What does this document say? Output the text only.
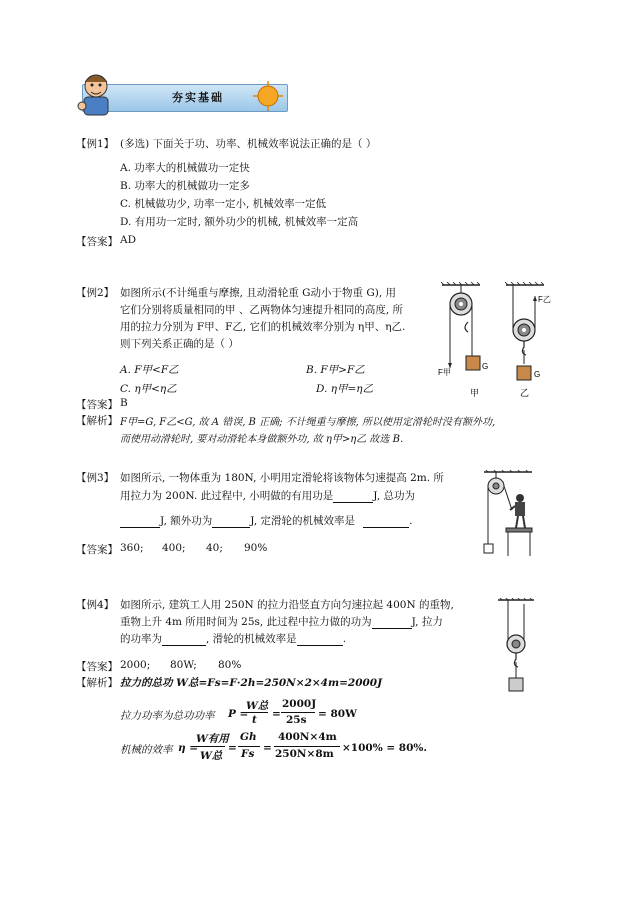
夯实基础
【例1】 (多选) 下面关于功、功率、机械效率说法正确的是（ ）
A. 功率大的机械做功一定快
B. 功率大的机械做功一定多
C. 机械做功少, 功率一定小, 机械效率一定低
D. 有用功一定时, 额外功少的机械, 机械效率一定高
【答案】 AD
【例2】 如图所示(不计绳重与摩擦, 且动滑轮重 G动小于物重 G), 用
它们分别将质量相同的甲 、乙两物体匀速提升相同的高度, 所
用的拉力分别为 F甲、F乙, 它们的机械效率分别为 η甲、η乙.
则下列关系正确的是（ ）
A. F甲<F乙	B. F甲>F乙
C. η甲<η乙	D. η甲=η乙
【答案】 B
【解析】 F甲=G, F乙<G, 故 A 错误, B 正确; 不计绳重与摩擦, 所以使用定滑轮时没有额外功,
而使用动滑轮时, 要对动滑轮本身做额外功, 故 η甲>η乙 故选 B.
F甲
G
F乙
G
甲	乙
【例3】 如图所示, 一物体重为 180N, 小明用定滑轮将该物体匀速提高 2m. 所
用拉力为 200N. 此过程中, 小明做的有用功是	J, 总功为
J, 额外功为	J, 定滑轮的机械效率是	.
【答案】 360; 400; 40; 90%
【例4】 如图所示, 建筑工人用 250N 的拉力沿竖直方向匀速拉起 400N 的重物,
重物上升 4m 所用时间为 25s, 此过程中拉力做的功为	J, 拉力
的功率为	, 滑轮的机械效率是	.
【答案】 2000; 80W; 80%
【解析】 拉力的总功 W总=Fs=F·2h=250N×2×4m=2000J
拉力功率为总功功率 P =
W总
t =
2000J
25s = 80W
机械的效率 η =
W有用
W总
=
Gh
Fs =
400N×4m
250N×8m ×100% = 80%.
